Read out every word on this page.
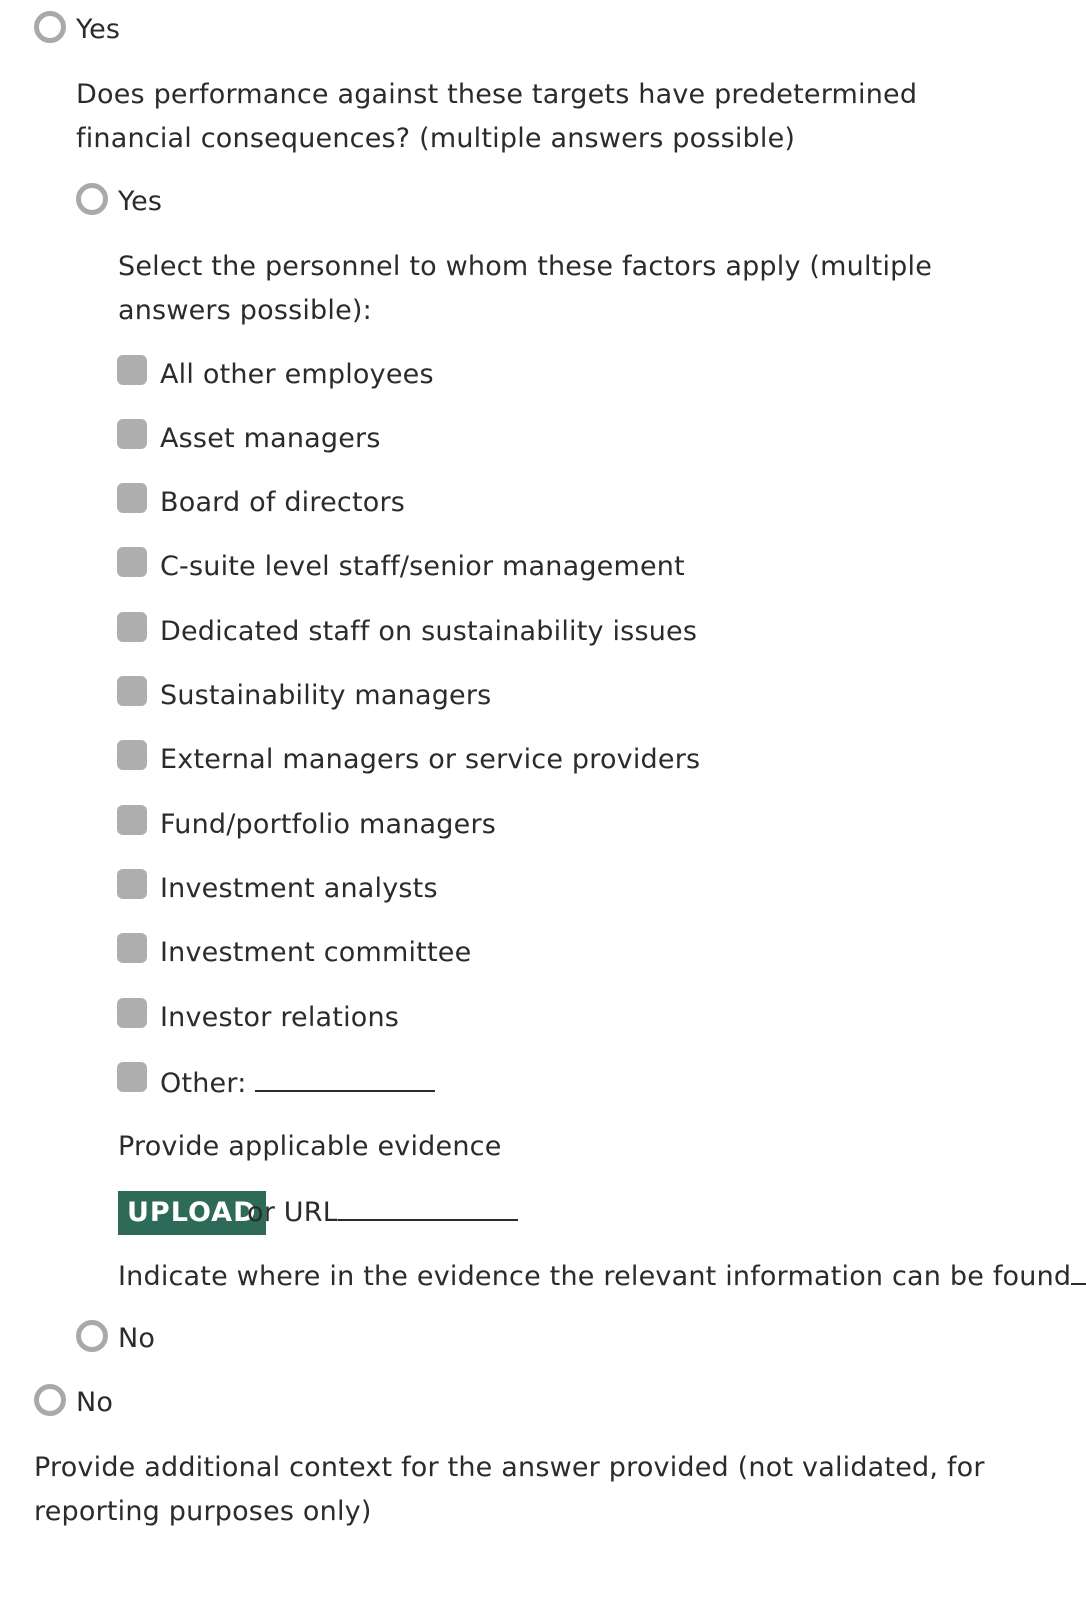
Yes
Does performance against these targets have predetermined financial consequences? (multiple answers possible)
Yes
Select the personnel to whom these factors apply (multiple answers possible):
All other employees
Asset managers
Board of directors
C-suite level staff/senior management
Dedicated staff on sustainability issues
Sustainability managers
External managers or service providers
Fund/portfolio managers
Investment analysts
Investment committee
Investor relations
Other:
Provide applicable evidence
UPLOAD
or URL
Indicate where in the evidence the relevant information can be found
No
No
Provide additional context for the answer provided (not validated, for reporting purposes only)
